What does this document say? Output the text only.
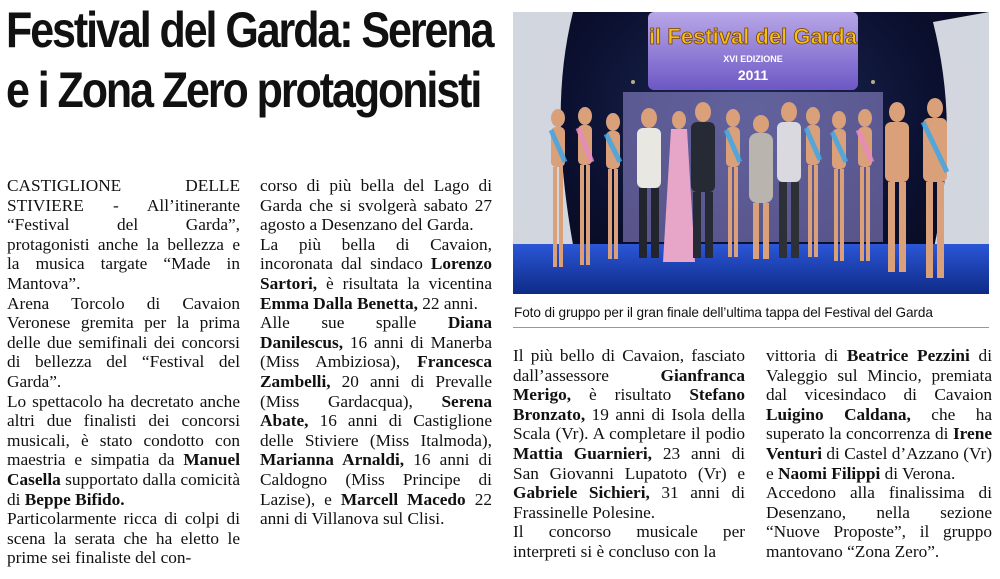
Festival del Garda: Serena
e i Zona Zero protagonisti

CASTIGLIONE DELLE STIVIERE - All’itinerante “Festival del Garda”, protagonisti anche la bellezza e la musica targate “Made in Mantova”.

Arena Torcolo di Cavaion Veronese gremita per la prima delle due semifinali dei concorsi di bellezza del “Festival del Garda”.

Lo spettacolo ha decretato anche altri due finalisti dei concorsi musicali, è stato condotto con maestria e simpatia da Manuel Casella supportato dalla comicità di Beppe Bifido.

Particolarmente ricca di colpi di scena la serata che ha eletto le prime sei finaliste del con-

corso di più bella del Lago di Garda che si svolgerà sabato 27 agosto a Desenzano del Garda.

La più bella di Cavaion, incoronata dal sindaco Lorenzo Sartori, è risultata la vicentina Emma Dalla Benetta, 22 anni.

Alle sue spalle Diana Danilescus, 16 anni di Manerba (Miss Ambiziosa), Francesca Zambelli, 20 anni di Prevalle (Miss Gardacqua), Serena Abate, 16 anni di Castiglione delle Stiviere (Miss Italmoda), Marianna Arnaldi, 16 anni di Caldogno (Miss Principe di Lazise), e Marcell Macedo 22 anni di Villanova sul Clisi.

il Festival del Garda
XVI EDIZIONE
2011
Foto di gruppo per il gran finale dell’ultima tappa del Festival del Garda

Il più bello di Cavaion, fasciato dall’assessore Gianfranca Merigo, è risultato Stefano Bronzato, 19 anni di Isola della Scala (Vr). A completare il podio Mattia Guarnieri, 23 anni di San Giovanni Lupatoto (Vr) e Gabriele Sichieri, 31 anni di Frassinelle Polesine.

Il concorso musicale per interpreti si è concluso con la

vittoria di Beatrice Pezzini di Valeggio sul Mincio, premiata dal vicesindaco di Cavaion Luigino Caldana, che ha superato la concorrenza di Irene Venturi di Castel d’Azzano (Vr) e Naomi Filippi di Verona.

Accedono alla finalissima di Desenzano, nella sezione “Nuove Proposte”, il gruppo mantovano “Zona Zero”.
